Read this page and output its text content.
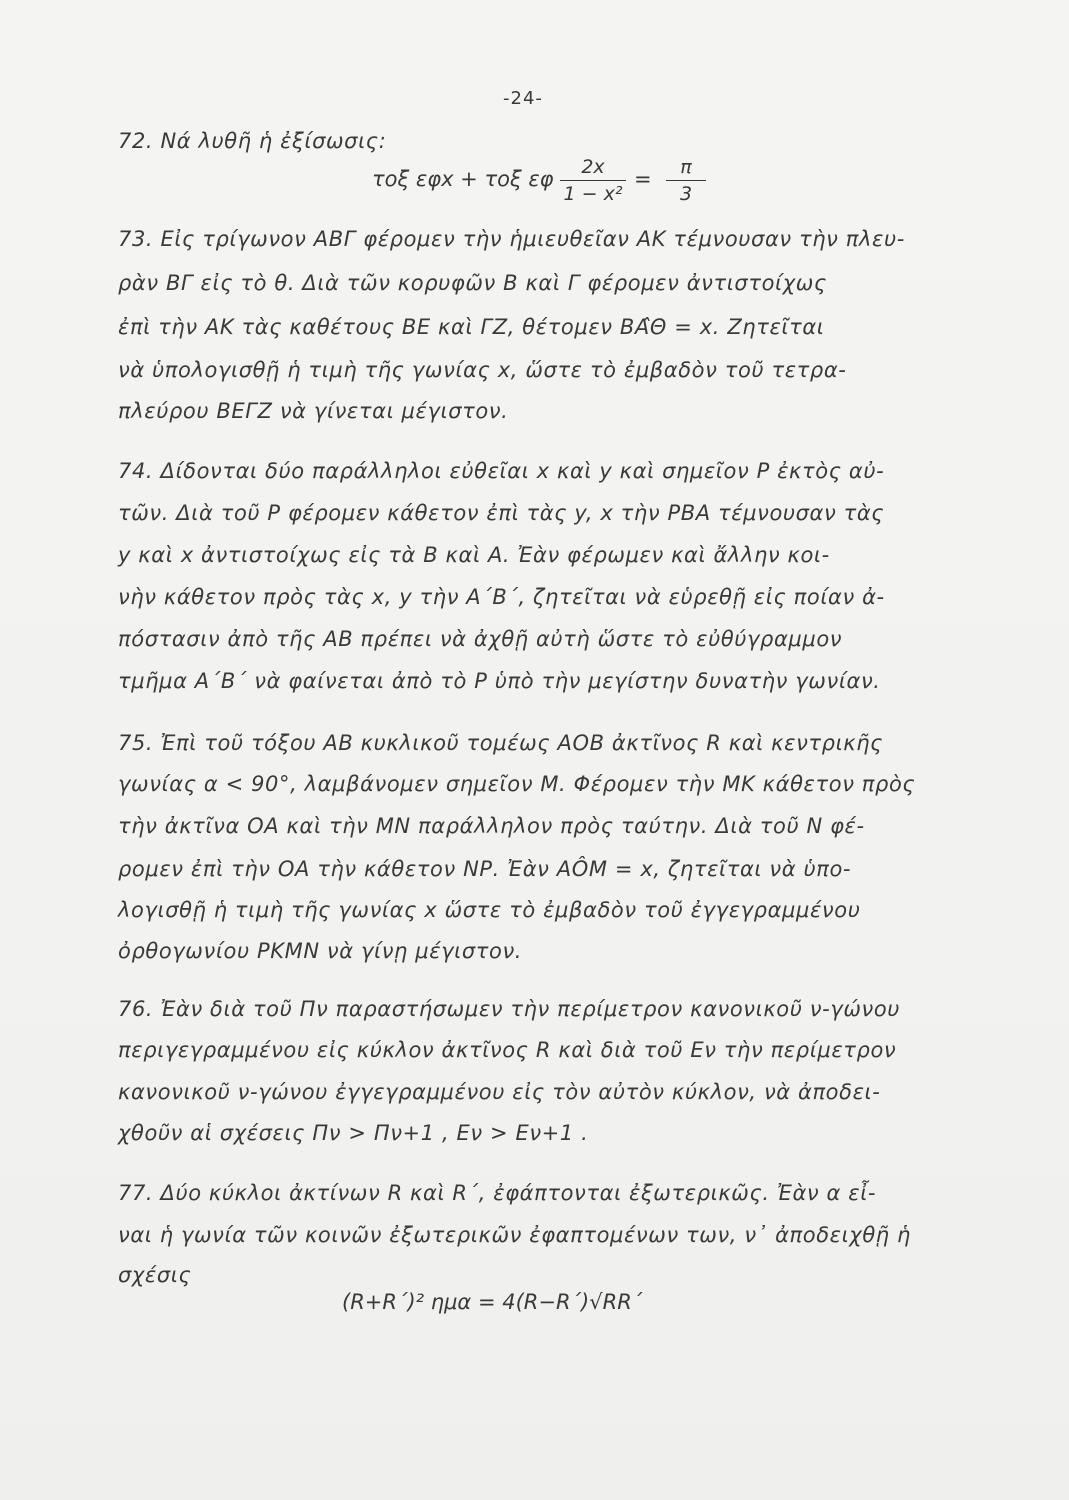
-24-
72. Νά λυθῆ ἡ ἐξίσωσις:
τοξ εφx + τοξ εφ	2x
1 − x²
=	π
3
73. Εἰς τρίγωνον ΑΒΓ φέρομεν τὴν ἡμιευθεῖαν ΑΚ τέμνουσαν τὴν πλευ-
ρὰν ΒΓ εἰς τὸ θ. Διὰ τῶν κορυφῶν Β καὶ Γ φέρομεν ἀντιστοίχως
ἐπὶ τὴν ΑΚ τὰς καθέτους ΒΕ καὶ ΓΖ, θέτομεν ΒΑ̂Θ = x. Ζητεῖται
νὰ ὑπολογισθῇ ἡ τιμὴ τῆς γωνίας x, ὥστε τὸ ἐμβαδὸν τοῦ τετρα-
πλεύρου ΒΕΓΖ νὰ γίνεται μέγιστον.
74. Δίδονται δύο παράλληλοι εὐθεῖαι x καὶ y καὶ σημεῖον Ρ ἐκτὸς αὐ-
τῶν. Διὰ τοῦ Ρ φέρομεν κάθετον ἐπὶ τὰς y, x τὴν ΡΒΑ τέμνουσαν τὰς
y καὶ x ἀντιστοίχως εἰς τὰ Β καὶ Α. Ἐὰν φέρωμεν καὶ ἄλλην κοι-
νὴν κάθετον πρὸς τὰς x, y τὴν Α΄Β΄, ζητεῖται νὰ εὑρεθῇ εἰς ποίαν ἀ-
πόστασιν ἀπὸ τῆς ΑΒ πρέπει νὰ ἀχθῇ αὐτὴ ὥστε τὸ εὐθύγραμμον
τμῆμα Α΄Β΄ νὰ φαίνεται ἀπὸ τὸ Ρ ὑπὸ τὴν μεγίστην δυνατὴν γωνίαν.
75. Ἐπὶ τοῦ τόξου ΑΒ κυκλικοῦ τομέως ΑΟΒ ἀκτῖνος R καὶ κεντρικῆς
γωνίας α < 90°, λαμβάνομεν σημεῖον Μ. Φέρομεν τὴν ΜΚ κάθετον πρὸς
τὴν ἀκτῖνα ΟΑ καὶ τὴν ΜΝ παράλληλον πρὸς ταύτην. Διὰ τοῦ Ν φέ-
ρομεν ἐπὶ τὴν ΟΑ τὴν κάθετον ΝΡ. Ἐὰν ΑÔΜ = x, ζητεῖται νὰ ὑπο-
λογισθῇ ἡ τιμὴ τῆς γωνίας x ὥστε τὸ ἐμβαδὸν τοῦ ἐγγεγραμμένου
ὀρθογωνίου ΡΚΜΝ νὰ γίνῃ μέγιστον.
76. Ἐὰν διὰ τοῦ Πν παραστήσωμεν τὴν περίμετρον κανονικοῦ ν-γώνου
περιγεγραμμένου εἰς κύκλον ἀκτῖνος R καὶ διὰ τοῦ Εν τὴν περίμετρον
κανονικοῦ ν-γώνου ἐγγεγραμμένου εἰς τὸν αὐτὸν κύκλον, νὰ ἀποδει-
χθοῦν αἱ σχέσεις Πν > Πν+1 , Εν > Εν+1 .
77. Δύο κύκλοι ἀκτίνων R καὶ R΄, ἐφάπτονται ἐξωτερικῶς. Ἐὰν α εἶ-
ναι ἡ γωνία τῶν κοινῶν ἐξωτερικῶν ἐφαπτομένων των, ν᾽ ἀποδειχθῇ ἡ
σχέσις
(R+R΄)² ημα = 4(R−R΄)√RR΄
